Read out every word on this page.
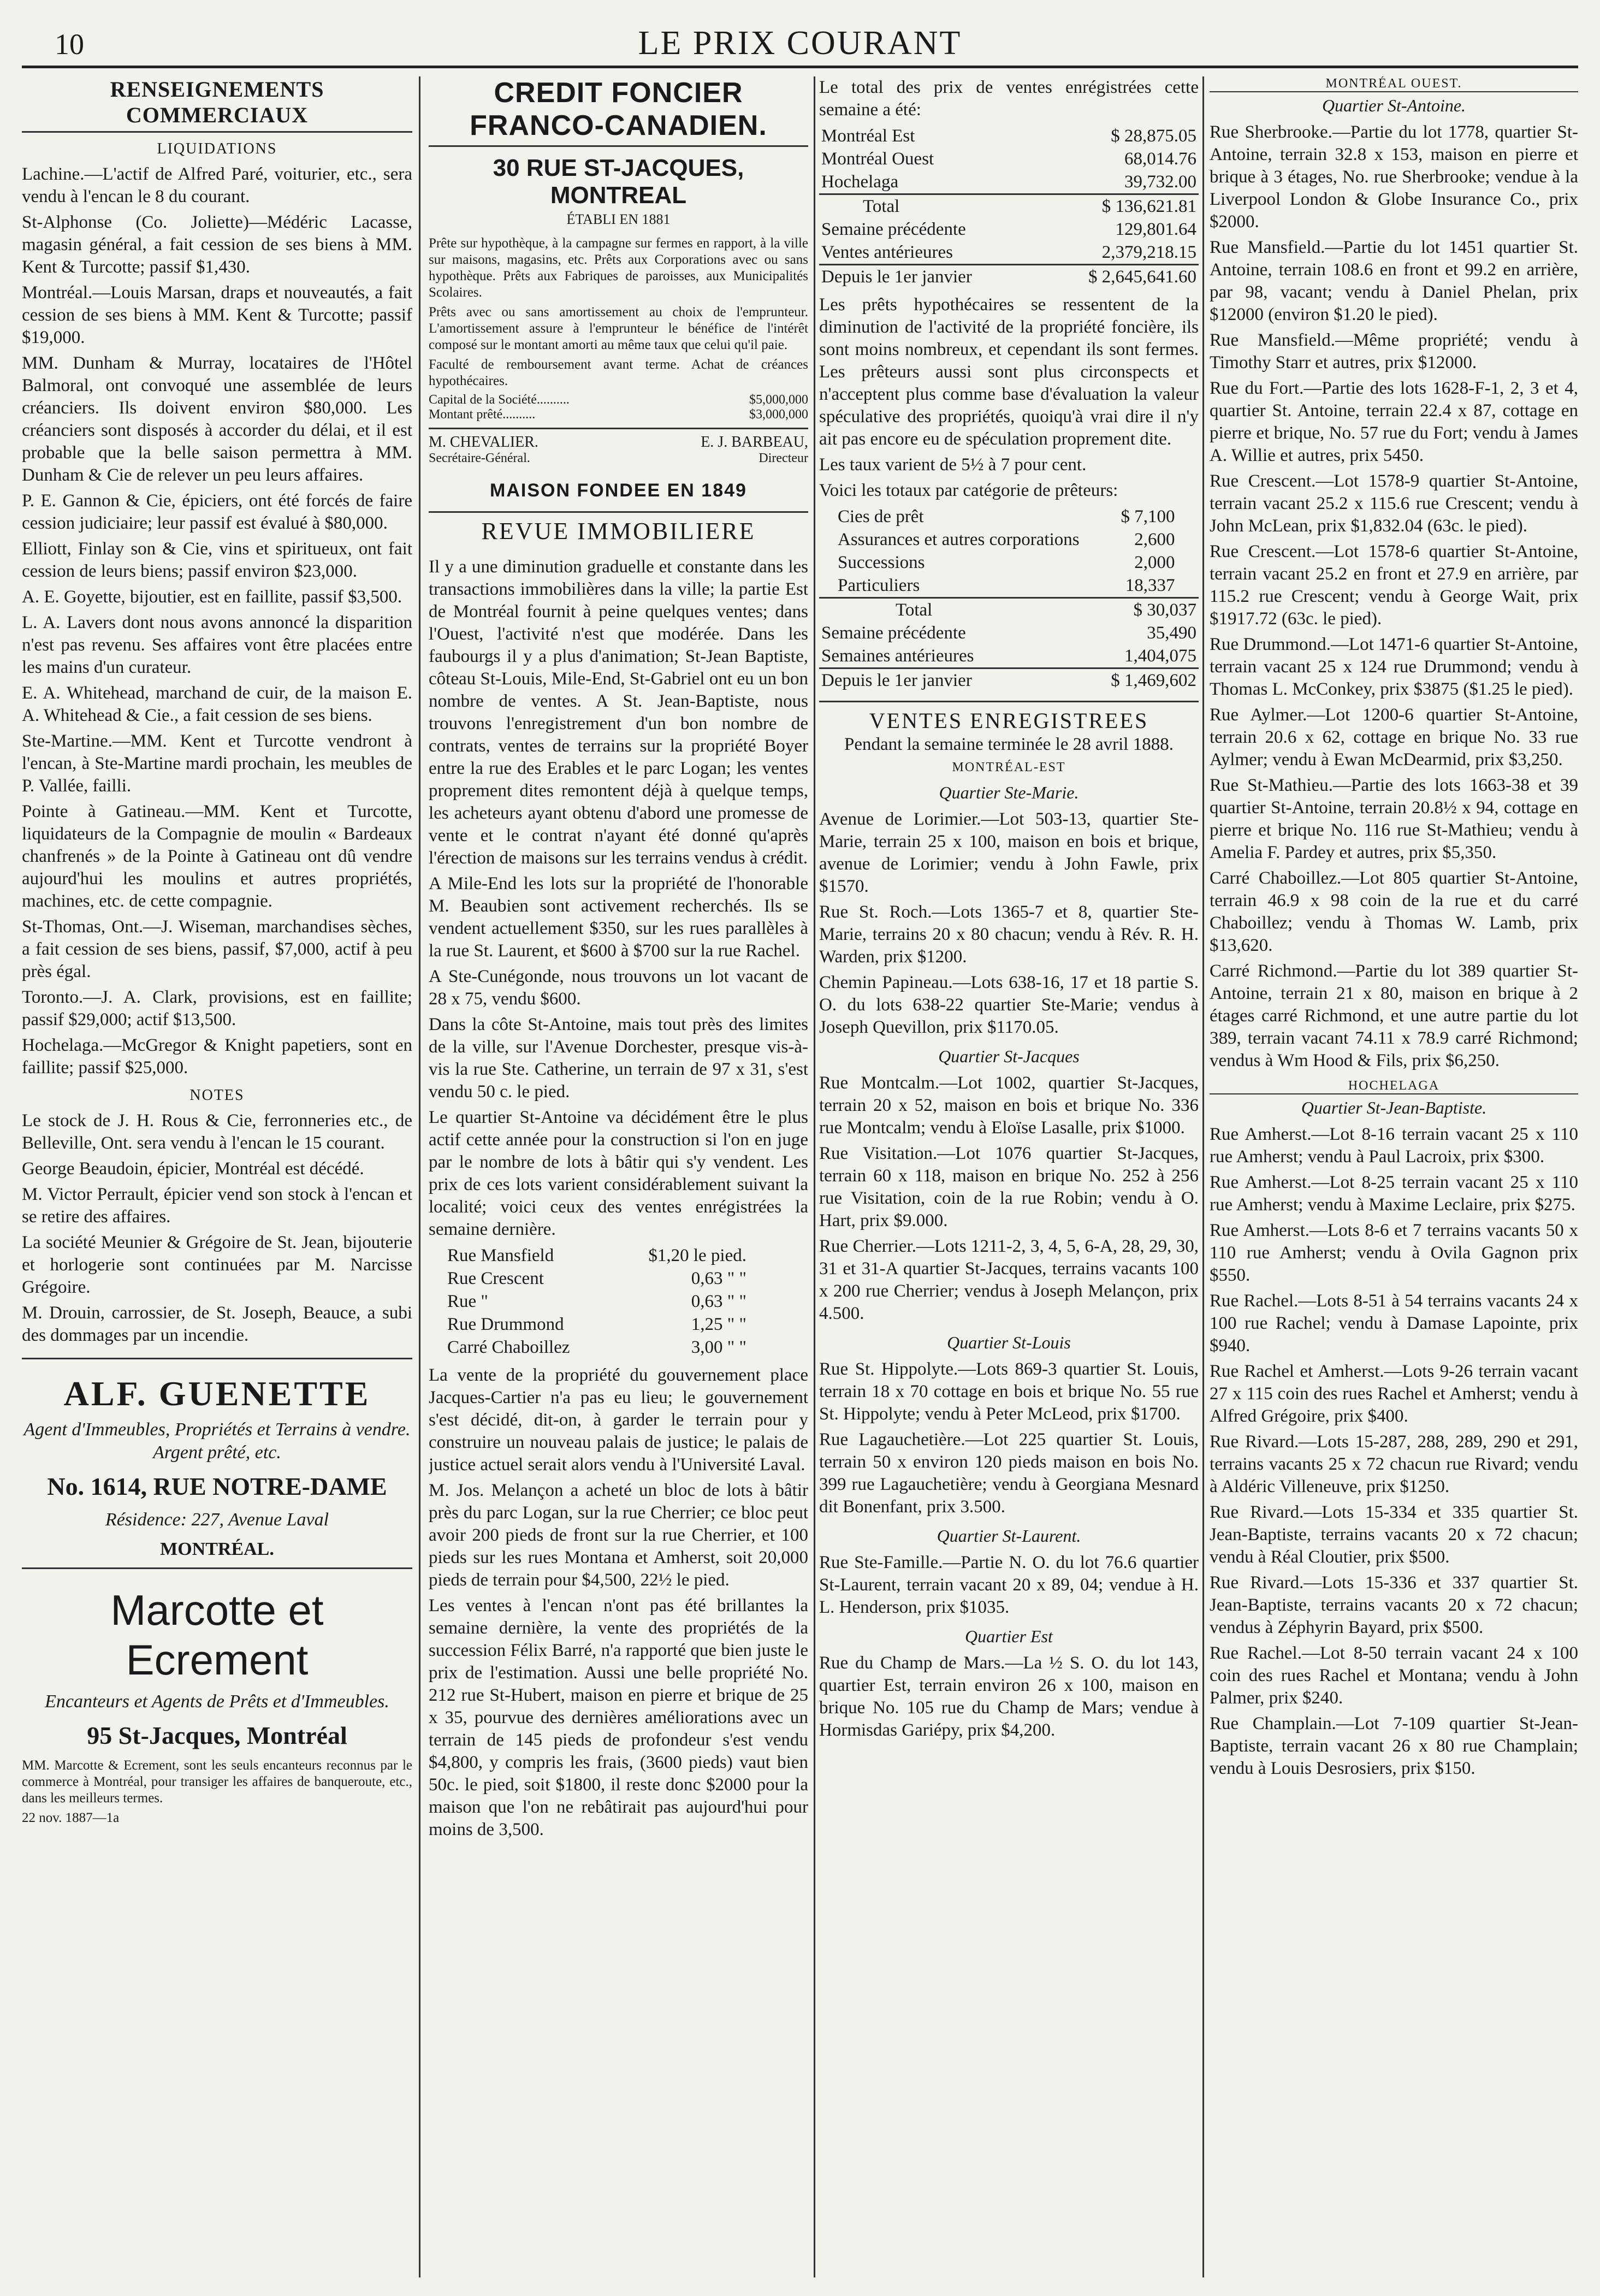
10	LE PRIX COURANT
RENSEIGNEMENTS COMMERCIAUX
LIQUIDATIONS

Lachine.—L'actif de Alfred Paré, voiturier, etc., sera vendu à l'encan le 8 du courant.

St-Alphonse (Co. Joliette)—Médéric Lacasse, magasin général, a fait cession de ses biens à MM. Kent & Turcotte; passif $1,430.

Montréal.—Louis Marsan, draps et nouveautés, a fait cession de ses biens à MM. Kent & Turcotte; passif $19,000.

MM. Dunham & Murray, locataires de l'Hôtel Balmoral, ont convoqué une assemblée de leurs créanciers. Ils doivent environ $80,000. Les créanciers sont disposés à accorder du délai, et il est probable que la belle saison permettra à MM. Dunham & Cie de relever un peu leurs affaires.

P. E. Gannon & Cie, épiciers, ont été forcés de faire cession judiciaire; leur passif est évalué à $80,000.

Elliott, Finlay son & Cie, vins et spiritueux, ont fait cession de leurs biens; passif environ $23,000.

A. E. Goyette, bijoutier, est en faillite, passif $3,500.

L. A. Lavers dont nous avons annoncé la disparition n'est pas revenu. Ses affaires vont être placées entre les mains d'un curateur.

E. A. Whitehead, marchand de cuir, de la maison E. A. Whitehead & Cie., a fait cession de ses biens.

Ste-Martine.—MM. Kent et Turcotte vendront à l'encan, à Ste-Martine mardi prochain, les meubles de P. Vallée, failli.

Pointe à Gatineau.—MM. Kent et Turcotte, liquidateurs de la Compagnie de moulin « Bardeaux chanfrenés » de la Pointe à Gatineau ont dû vendre aujourd'hui les moulins et autres propriétés, machines, etc. de cette compagnie.

St-Thomas, Ont.—J. Wiseman, marchandises sèches, a fait cession de ses biens, passif, $7,000, actif à peu près égal.

Toronto.—J. A. Clark, provisions, est en faillite; passif $29,000; actif $13,500.

Hochelaga.—McGregor & Knight papetiers, sont en faillite; passif $25,000.

NOTES

Le stock de J. H. Rous & Cie, ferronneries etc., de Belleville, Ont. sera vendu à l'encan le 15 courant.

George Beaudoin, épicier, Montréal est décédé.

M. Victor Perrault, épicier vend son stock à l'encan et se retire des affaires.

La société Meunier & Grégoire de St. Jean, bijouterie et horlogerie sont continuées par M. Narcisse Grégoire.

M. Drouin, carrossier, de St. Joseph, Beauce, a subi des dommages par un incendie.

ALF. GUENETTE
Agent d'Immeubles, Propriétés et Terrains à vendre. Argent prêté, etc.
No. 1614, RUE NOTRE-DAME
Résidence: 227, Avenue Laval
MONTRÉAL.
Marcotte et Ecrement
Encanteurs et Agents de Prêts et d'Immeubles.
95 St-Jacques, Montréal

MM. Marcotte & Ecrement, sont les seuls encanteurs reconnus par le commerce à Montréal, pour transiger les affaires de banqueroute, etc., dans les meilleurs termes.

22 nov. 1887—1a

CREDIT FONCIER FRANCO-CANADIEN.
30 RUE ST-JACQUES, MONTREAL
ÉTABLI EN 1881

Prête sur hypothèque, à la campagne sur fermes en rapport, à la ville sur maisons, magasins, etc. Prêts aux Corporations avec ou sans hypothèque. Prêts aux Fabriques de paroisses, aux Municipalités Scolaires.

Prêts avec ou sans amortissement au choix de l'emprunteur. L'amortissement assure à l'emprunteur le bénéfice de l'intérêt composé sur le montant amorti au même taux que celui qu'il paie.

Faculté de remboursement avant terme. Achat de créances hypothécaires.

Capital de la Société..........	$5,000,000
Montant prêté..........	$3,000,000
M. CHEVALIER.	E. J. BARBEAU,
Secrétaire-Général.	Directeur
MAISON FONDEE EN 1849
REVUE IMMOBILIERE

Il y a une diminution graduelle et constante dans les transactions immobilières dans la ville; la partie Est de Montréal fournit à peine quelques ventes; dans l'Ouest, l'activité n'est que modérée. Dans les faubourgs il y a plus d'animation; St-Jean Baptiste, côteau St-Louis, Mile-End, St-Gabriel ont eu un bon nombre de ventes. A St. Jean-Baptiste, nous trouvons l'enregistrement d'un bon nombre de contrats, ventes de terrains sur la propriété Boyer entre la rue des Erables et le parc Logan; les ventes proprement dites remontent déjà à quelque temps, les acheteurs ayant obtenu d'abord une promesse de vente et le contrat n'ayant été donné qu'après l'érection de maisons sur les terrains vendus à crédit.

A Mile-End les lots sur la propriété de l'honorable M. Beaubien sont activement recherchés. Ils se vendent actuellement $350, sur les rues parallèles à la rue St. Laurent, et $600 à $700 sur la rue Rachel.

A Ste-Cunégonde, nous trouvons un lot vacant de 28 x 75, vendu $600.

Dans la côte St-Antoine, mais tout près des limites de la ville, sur l'Avenue Dorchester, presque vis-à-vis la rue Ste. Catherine, un terrain de 97 x 31, s'est vendu 50 c. le pied.

Le quartier St-Antoine va décidément être le plus actif cette année pour la construction si l'on en juge par le nombre de lots à bâtir qui s'y vendent. Les prix de ces lots varient considérablement suivant la localité; voici ceux des ventes enrégistrées la semaine dernière.

Rue Mansfield	$1,20 le pied.
Rue Crescent	0,63 " "
Rue "	0,63 " "
Rue Drummond	1,25 " "
Carré Chaboillez	3,00 " "

La vente de la propriété du gouvernement place Jacques-Cartier n'a pas eu lieu; le gouvernement s'est décidé, dit-on, à garder le terrain pour y construire un nouveau palais de justice; le palais de justice actuel serait alors vendu à l'Université Laval.

M. Jos. Melançon a acheté un bloc de lots à bâtir près du parc Logan, sur la rue Cherrier; ce bloc peut avoir 200 pieds de front sur la rue Cherrier, et 100 pieds sur les rues Montana et Amherst, soit 20,000 pieds de terrain pour $4,500, 22½ le pied.

Les ventes à l'encan n'ont pas été brillantes la semaine dernière, la vente des propriétés de la succession Félix Barré, n'a rapporté que bien juste le prix de l'estimation. Aussi une belle propriété No. 212 rue St-Hubert, maison en pierre et brique de 25 x 35, pourvue des dernières améliorations avec un terrain de 145 pieds de profondeur s'est vendu $4,800, y compris les frais, (3600 pieds) vaut bien 50c. le pied, soit $1800, il reste donc $2000 pour la maison que l'on ne rebâtirait pas aujourd'hui pour moins de 3,500.

Le total des prix de ventes enrégistrées cette semaine a été:

Montréal Est	$ 28,875.05
Montréal Ouest	68,014.76
Hochelaga	39,732.00
Total	$ 136,621.81
Semaine précédente	129,801.64
Ventes antérieures	2,379,218.15
Depuis le 1er janvier	$ 2,645,641.60

Les prêts hypothécaires se ressentent de la diminution de l'activité de la propriété foncière, ils sont moins nombreux, et cependant ils sont fermes. Les prêteurs aussi sont plus circonspects et n'acceptent plus comme base d'évaluation la valeur spéculative des propriétés, quoiqu'à vrai dire il n'y ait pas encore eu de spéculation proprement dite.

Les taux varient de 5½ à 7 pour cent.

Voici les totaux par catégorie de prêteurs:

Cies de prêt	$ 7,100
Assurances et autres corporations	2,600
Successions	2,000
Particuliers	18,337
Total	$ 30,037
Semaine précédente	35,490
Semaines antérieures	1,404,075
Depuis le 1er janvier	$ 1,469,602
VENTES ENREGISTREES

Pendant la semaine terminée le 28 avril 1888.

MONTRÉAL-EST
Quartier Ste-Marie.

Avenue de Lorimier.—Lot 503-13, quartier Ste-Marie, terrain 25 x 100, maison en bois et brique, avenue de Lorimier; vendu à John Fawle, prix $1570.

Rue St. Roch.—Lots 1365-7 et 8, quartier Ste-Marie, terrains 20 x 80 chacun; vendu à Rév. R. H. Warden, prix $1200.

Chemin Papineau.—Lots 638-16, 17 et 18 partie S. O. du lots 638-22 quartier Ste-Marie; vendus à Joseph Quevillon, prix $1170.05.

Quartier St-Jacques

Rue Montcalm.—Lot 1002, quartier St-Jacques, terrain 20 x 52, maison en bois et brique No. 336 rue Montcalm; vendu à Eloïse Lasalle, prix $1000.

Rue Visitation.—Lot 1076 quartier St-Jacques, terrain 60 x 118, maison en brique No. 252 à 256 rue Visitation, coin de la rue Robin; vendu à O. Hart, prix $9.000.

Rue Cherrier.—Lots 1211-2, 3, 4, 5, 6-A, 28, 29, 30, 31 et 31-A quartier St-Jacques, terrains vacants 100 x 200 rue Cherrier; vendus à Joseph Melançon, prix 4.500.

Quartier St-Louis

Rue St. Hippolyte.—Lots 869-3 quartier St. Louis, terrain 18 x 70 cottage en bois et brique No. 55 rue St. Hippolyte; vendu à Peter McLeod, prix $1700.

Rue Lagauchetière.—Lot 225 quartier St. Louis, terrain 50 x environ 120 pieds maison en bois No. 399 rue Lagauchetière; vendu à Georgiana Mesnard dit Bonenfant, prix 3.500.

Quartier St-Laurent.

Rue Ste-Famille.—Partie N. O. du lot 76.6 quartier St-Laurent, terrain vacant 20 x 89, 04; vendue à H. L. Henderson, prix $1035.

Quartier Est

Rue du Champ de Mars.—La ½ S. O. du lot 143, quartier Est, terrain environ 26 x 100, maison en brique No. 105 rue du Champ de Mars; vendue à Hormisdas Gariépy, prix $4,200.

MONTRÉAL OUEST.
Quartier St-Antoine.

Rue Sherbrooke.—Partie du lot 1778, quartier St-Antoine, terrain 32.8 x 153, maison en pierre et brique à 3 étages, No. rue Sherbrooke; vendue à la Liverpool London & Globe Insurance Co., prix $2000.

Rue Mansfield.—Partie du lot 1451 quartier St. Antoine, terrain 108.6 en front et 99.2 en arrière, par 98, vacant; vendu à Daniel Phelan, prix $12000 (environ $1.20 le pied).

Rue Mansfield.—Même propriété; vendu à Timothy Starr et autres, prix $12000.

Rue du Fort.—Partie des lots 1628-F-1, 2, 3 et 4, quartier St. Antoine, terrain 22.4 x 87, cottage en pierre et brique, No. 57 rue du Fort; vendu à James A. Willie et autres, prix 5450.

Rue Crescent.—Lot 1578-9 quartier St-Antoine, terrain vacant 25.2 x 115.6 rue Crescent; vendu à John McLean, prix $1,832.04 (63c. le pied).

Rue Crescent.—Lot 1578-6 quartier St-Antoine, terrain vacant 25.2 en front et 27.9 en arrière, par 115.2 rue Crescent; vendu à George Wait, prix $1917.72 (63c. le pied).

Rue Drummond.—Lot 1471-6 quartier St-Antoine, terrain vacant 25 x 124 rue Drummond; vendu à Thomas L. McConkey, prix $3875 ($1.25 le pied).

Rue Aylmer.—Lot 1200-6 quartier St-Antoine, terrain 20.6 x 62, cottage en brique No. 33 rue Aylmer; vendu à Ewan McDearmid, prix $3,250.

Rue St-Mathieu.—Partie des lots 1663-38 et 39 quartier St-Antoine, terrain 20.8½ x 94, cottage en pierre et brique No. 116 rue St-Mathieu; vendu à Amelia F. Pardey et autres, prix $5,350.

Carré Chaboillez.—Lot 805 quartier St-Antoine, terrain 46.9 x 98 coin de la rue et du carré Chaboillez; vendu à Thomas W. Lamb, prix $13,620.

Carré Richmond.—Partie du lot 389 quartier St-Antoine, terrain 21 x 80, maison en brique à 2 étages carré Richmond, et une autre partie du lot 389, terrain vacant 74.11 x 78.9 carré Richmond; vendus à Wm Hood & Fils, prix $6,250.

HOCHELAGA
Quartier St-Jean-Baptiste.

Rue Amherst.—Lot 8-16 terrain vacant 25 x 110 rue Amherst; vendu à Paul Lacroix, prix $300.

Rue Amherst.—Lot 8-25 terrain vacant 25 x 110 rue Amherst; vendu à Maxime Leclaire, prix $275.

Rue Amherst.—Lots 8-6 et 7 terrains vacants 50 x 110 rue Amherst; vendu à Ovila Gagnon prix $550.

Rue Rachel.—Lots 8-51 à 54 terrains vacants 24 x 100 rue Rachel; vendu à Damase Lapointe, prix $940.

Rue Rachel et Amherst.—Lots 9-26 terrain vacant 27 x 115 coin des rues Rachel et Amherst; vendu à Alfred Grégoire, prix $400.

Rue Rivard.—Lots 15-287, 288, 289, 290 et 291, terrains vacants 25 x 72 chacun rue Rivard; vendu à Aldéric Villeneuve, prix $1250.

Rue Rivard.—Lots 15-334 et 335 quartier St. Jean-Baptiste, terrains vacants 20 x 72 chacun; vendu à Réal Cloutier, prix $500.

Rue Rivard.—Lots 15-336 et 337 quartier St. Jean-Baptiste, terrains vacants 20 x 72 chacun; vendus à Zéphyrin Bayard, prix $500.

Rue Rachel.—Lot 8-50 terrain vacant 24 x 100 coin des rues Rachel et Montana; vendu à John Palmer, prix $240.

Rue Champlain.—Lot 7-109 quartier St-Jean-Baptiste, terrain vacant 26 x 80 rue Champlain; vendu à Louis Desrosiers, prix $150.
